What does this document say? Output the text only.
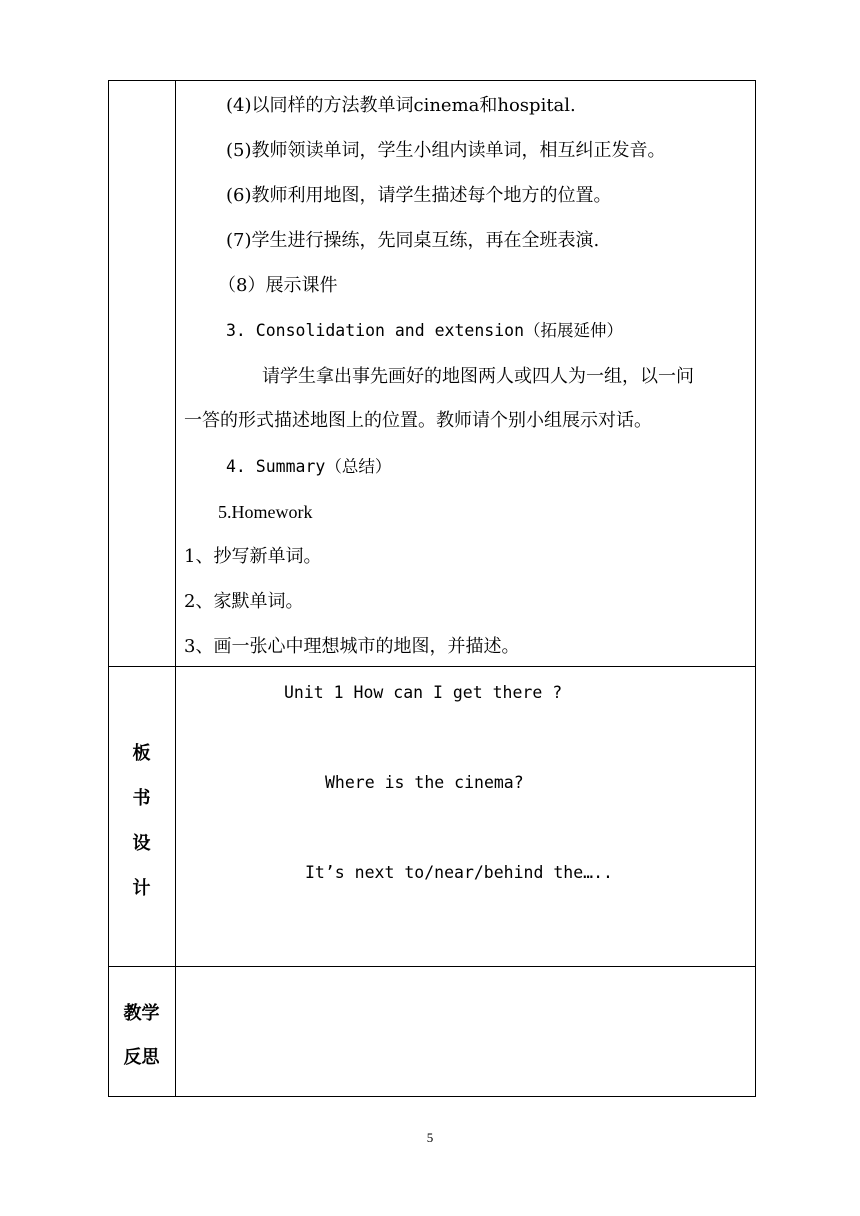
(4)以同样的方法教单词cinema和hospital.
(5)教师领读单词，学生小组内读单词，相互纠正发音。
(6)教师利用地图，请学生描述每个地方的位置。
(7)学生进行操练，先同桌互练，再在全班表演.
（8）展示课件
3. Consolidation and extension（拓展延伸）
请学生拿出事先画好的地图两人或四人为一组，以一问
一答的形式描述地图上的位置。教师请个别小组展示对话。
4. Summary（总结）
5.Homework
1、抄写新单词。
2、家默单词。
3、画一张心中理想城市的地图，并描述。
板
书
设
计
Unit 1 How can I get there ?
Where is the cinema?
It’s next to/near/behind the…..
教学
反思
5
